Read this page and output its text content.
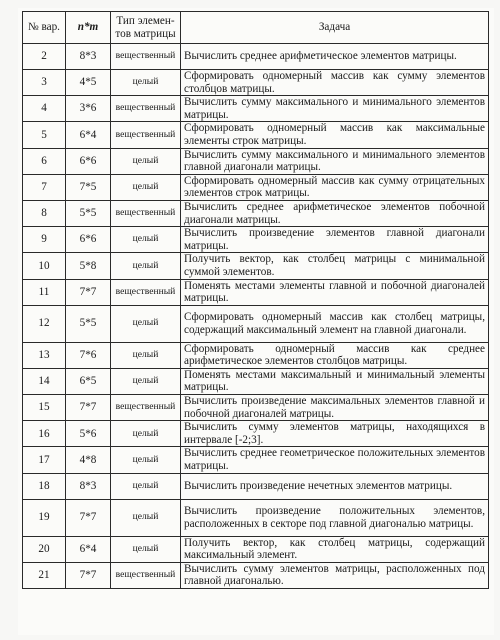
№ вар.	n*m	Тип элемен-тов матрицы	Задача
2	8*3	вещественный	Вычислить среднее арифметическое элементов матрицы.
3	4*5	целый	Сформировать одномерный массив как сумму элементов столбцов матрицы.
4	3*6	вещественный	Вычислить сумму максимального и минимального элементов матрицы.
5	6*4	вещественный	Сформировать одномерный массив как максимальные элементы строк матрицы.
6	6*6	целый	Вычислить сумму максимального и минимального элементов главной диагонали матрицы.
7	7*5	целый	Сформировать одномерный массив как сумму отрицательных элементов строк матрицы.
8	5*5	вещественный	Вычислить среднее арифметическое элементов побочной диагонали матрицы.
9	6*6	целый	Вычислить произведение элементов главной диагонали матрицы.
10	5*8	целый	Получить вектор, как столбец матрицы с минимальной суммой элементов.
11	7*7	вещественный	Поменять местами элементы главной и побочной диагоналей матрицы.
12	5*5	целый	Сформировать одномерный массив как столбец матрицы, содержащий максимальный элемент на главной диагонали.
13	7*6	целый	Сформировать одномерный массив как среднее арифметическое элементов столбцов матрицы.
14	6*5	целый	Поменять местами максимальный и минимальный элементы матрицы.
15	7*7	вещественный	Вычислить произведение максимальных элементов главной и побочной диагоналей матрицы.
16	5*6	целый	Вычислить сумму элементов матрицы, находящихся в интервале [-2;3].
17	4*8	целый	Вычислить среднее геометрическое положительных элементов матрицы.
18	8*3	целый	Вычислить произведение нечетных элементов матрицы.
19	7*7	целый	Вычислить произведение положительных элементов, расположенных в секторе под главной диагональю матрицы.
20	6*4	целый	Получить вектор, как столбец матрицы, содержащий максимальный элемент.
21	7*7	вещественный	Вычислить сумму элементов матрицы, расположенных под главной диагональю.
